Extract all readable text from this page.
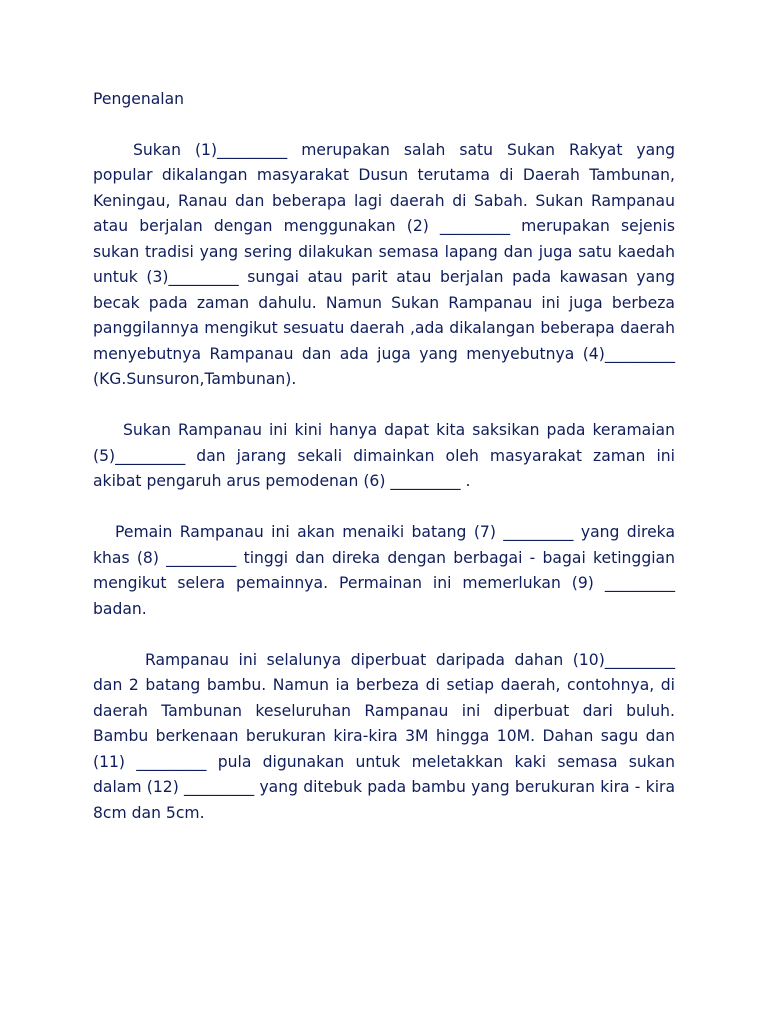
Pengenalan

Sukan (1)_________ merupakan salah satu Sukan Rakyat yang popular dikalangan masyarakat Dusun terutama di Daerah Tambunan, Keningau, Ranau dan beberapa lagi daerah di Sabah. Sukan Rampanau atau berjalan dengan menggunakan (2) _________ merupakan sejenis sukan tradisi yang sering dilakukan semasa lapang dan juga satu kaedah untuk (3)_________ sungai atau parit atau berjalan pada kawasan yang becak pada zaman dahulu. Namun Sukan Rampanau ini juga berbeza panggilannya mengikut sesuatu daerah ,ada dikalangan beberapa daerah menyebutnya Rampanau dan ada juga yang menyebutnya (4)_________ (KG.Sunsuron,Tambunan).

Sukan Rampanau ini kini hanya dapat kita saksikan pada keramaian (5)_________ dan jarang sekali dimainkan oleh masyarakat zaman ini akibat pengaruh arus pemodenan (6) _________ .

Pemain Rampanau ini akan menaiki batang (7) _________ yang direka khas (8) _________ tinggi dan direka dengan berbagai - bagai ketinggian mengikut selera pemainnya. Permainan ini memerlukan (9) _________ badan.

Rampanau ini selalunya diperbuat daripada dahan (10)_________ dan 2 batang bambu. Namun ia berbeza di setiap daerah, contohnya, di daerah Tambunan keseluruhan Rampanau ini diperbuat dari buluh. Bambu berkenaan berukuran kira-kira 3M hingga 10M. Dahan sagu dan (11) _________ pula digunakan untuk meletakkan kaki semasa sukan dalam (12) _________ yang ditebuk pada bambu yang berukuran kira - kira 8cm dan 5cm.
